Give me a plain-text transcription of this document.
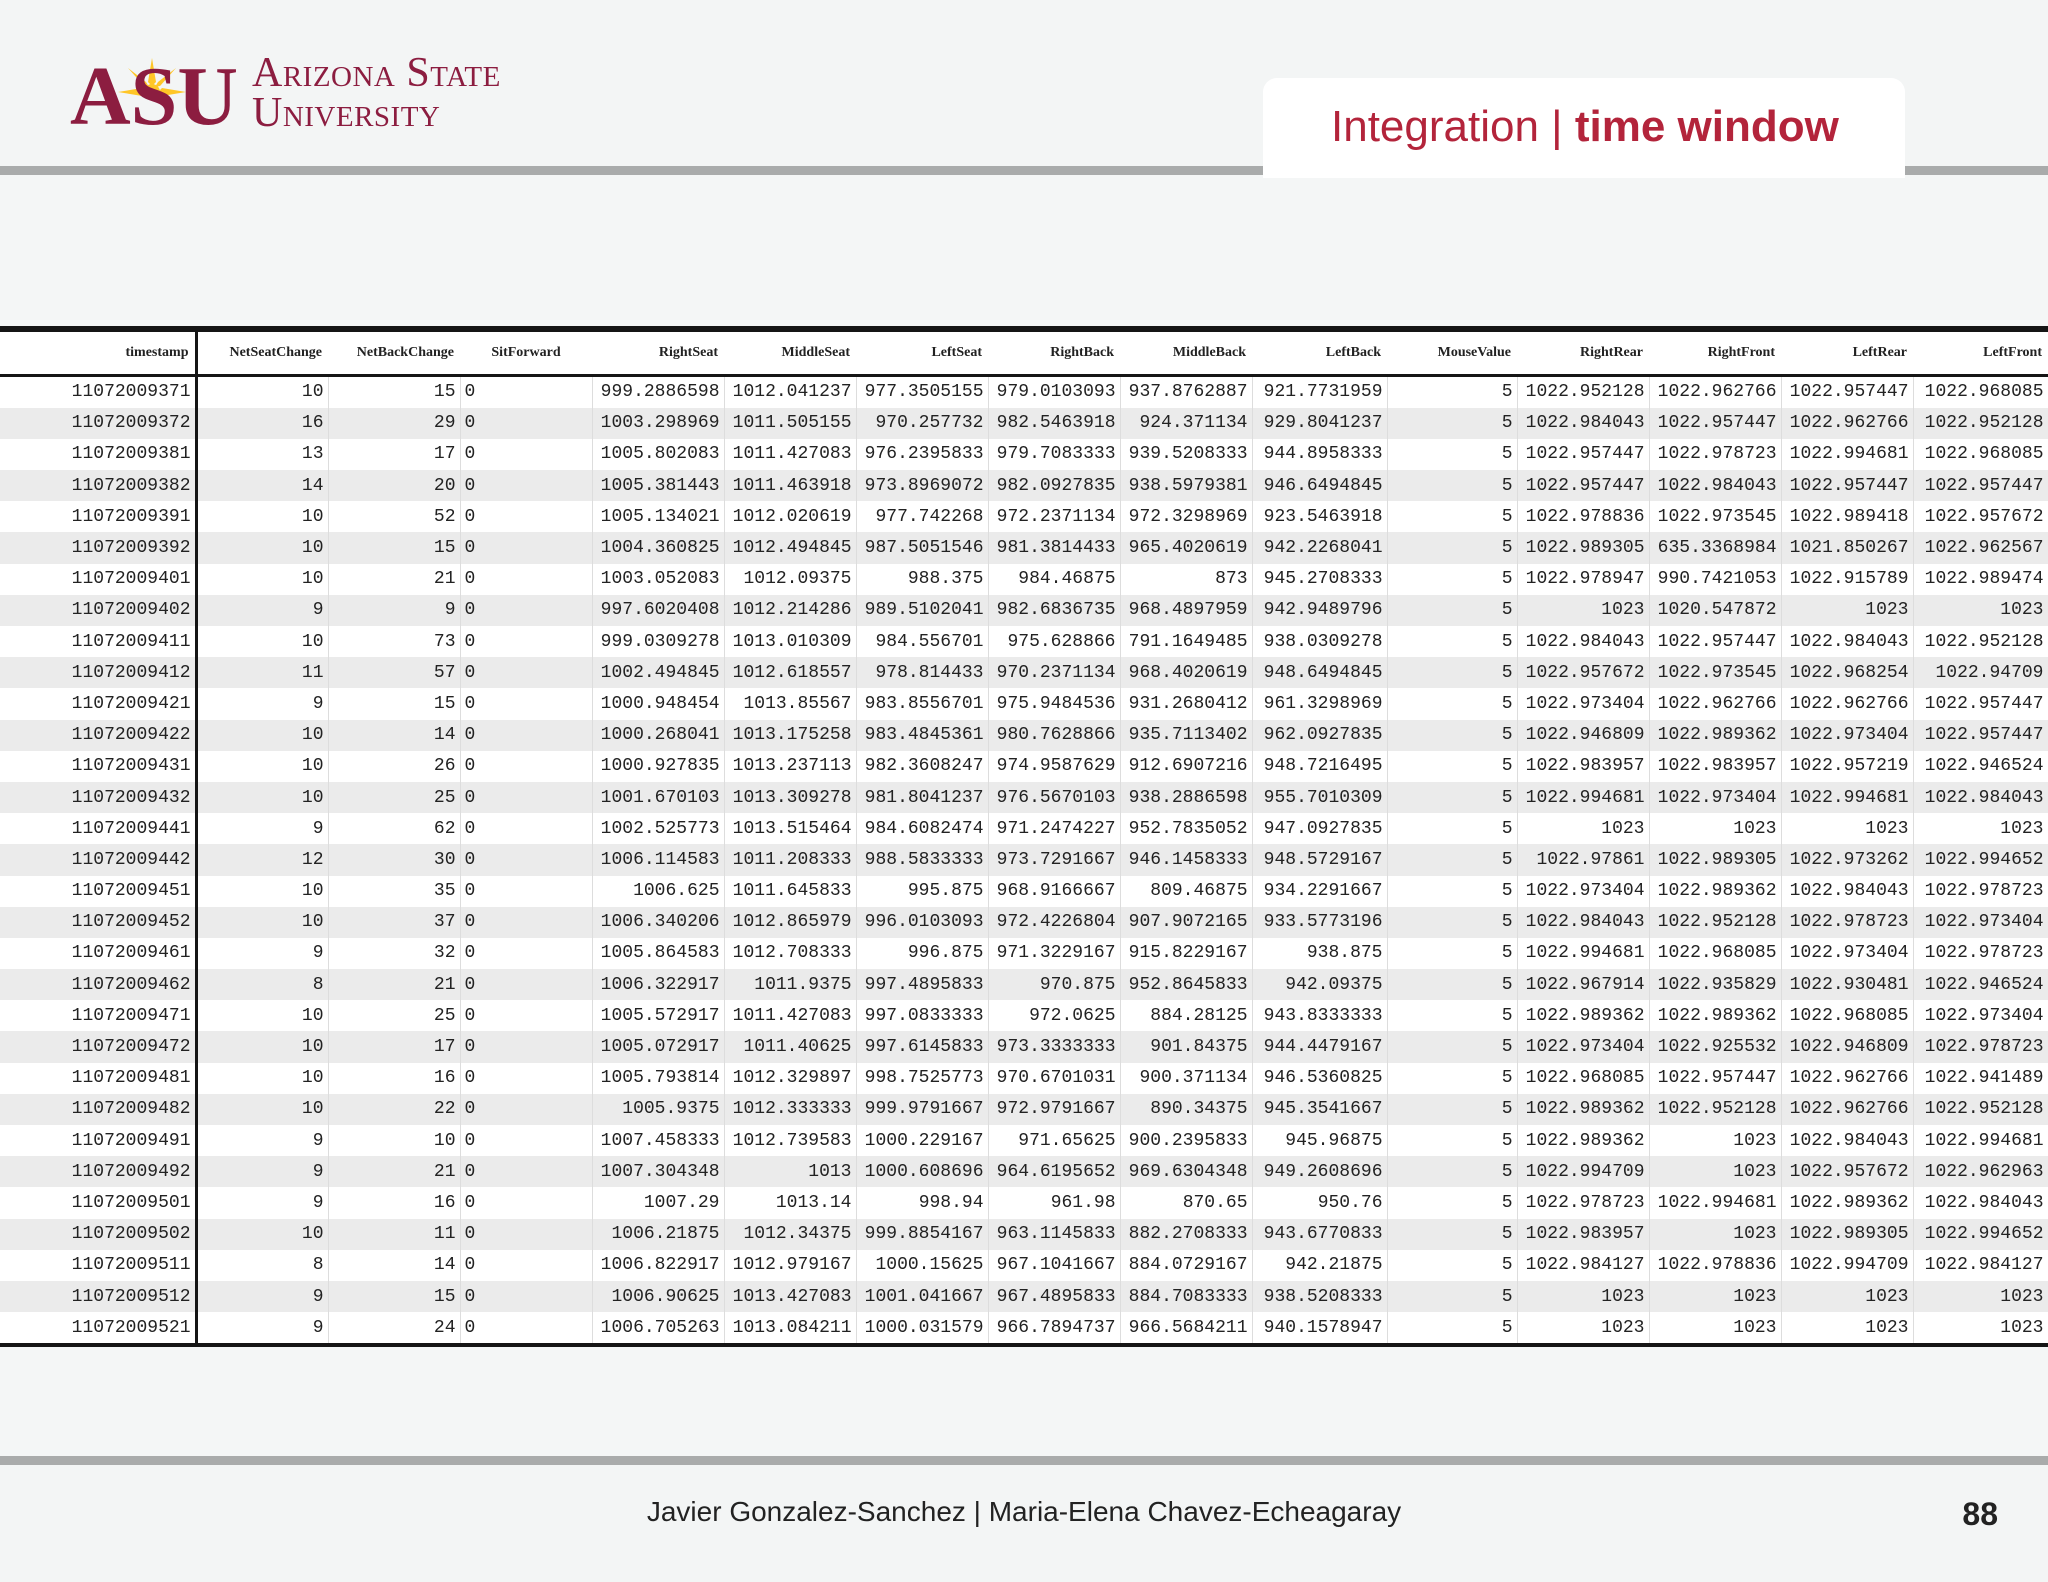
ASU Arizona State
University	Integration | time window
timestamp	NetSeatChange	NetBackChange	SitForward	RightSeat	MiddleSeat	LeftSeat	RightBack	MiddleBack	LeftBack	MouseValue	RightRear	RightFront	LeftRear	LeftFront
11072009371	10	15	0	999.2886598	1012.041237	977.3505155	979.0103093	937.8762887	921.7731959	5	1022.952128	1022.962766	1022.957447	1022.968085
11072009372	16	29	0	1003.298969	1011.505155	970.257732	982.5463918	924.371134	929.8041237	5	1022.984043	1022.957447	1022.962766	1022.952128
11072009381	13	17	0	1005.802083	1011.427083	976.2395833	979.7083333	939.5208333	944.8958333	5	1022.957447	1022.978723	1022.994681	1022.968085
11072009382	14	20	0	1005.381443	1011.463918	973.8969072	982.0927835	938.5979381	946.6494845	5	1022.957447	1022.984043	1022.957447	1022.957447
11072009391	10	52	0	1005.134021	1012.020619	977.742268	972.2371134	972.3298969	923.5463918	5	1022.978836	1022.973545	1022.989418	1022.957672
11072009392	10	15	0	1004.360825	1012.494845	987.5051546	981.3814433	965.4020619	942.2268041	5	1022.989305	635.3368984	1021.850267	1022.962567
11072009401	10	21	0	1003.052083	1012.09375	988.375	984.46875	873	945.2708333	5	1022.978947	990.7421053	1022.915789	1022.989474
11072009402	9	9	0	997.6020408	1012.214286	989.5102041	982.6836735	968.4897959	942.9489796	5	1023	1020.547872	1023	1023
11072009411	10	73	0	999.0309278	1013.010309	984.556701	975.628866	791.1649485	938.0309278	5	1022.984043	1022.957447	1022.984043	1022.952128
11072009412	11	57	0	1002.494845	1012.618557	978.814433	970.2371134	968.4020619	948.6494845	5	1022.957672	1022.973545	1022.968254	1022.94709
11072009421	9	15	0	1000.948454	1013.85567	983.8556701	975.9484536	931.2680412	961.3298969	5	1022.973404	1022.962766	1022.962766	1022.957447
11072009422	10	14	0	1000.268041	1013.175258	983.4845361	980.7628866	935.7113402	962.0927835	5	1022.946809	1022.989362	1022.973404	1022.957447
11072009431	10	26	0	1000.927835	1013.237113	982.3608247	974.9587629	912.6907216	948.7216495	5	1022.983957	1022.983957	1022.957219	1022.946524
11072009432	10	25	0	1001.670103	1013.309278	981.8041237	976.5670103	938.2886598	955.7010309	5	1022.994681	1022.973404	1022.994681	1022.984043
11072009441	9	62	0	1002.525773	1013.515464	984.6082474	971.2474227	952.7835052	947.0927835	5	1023	1023	1023	1023
11072009442	12	30	0	1006.114583	1011.208333	988.5833333	973.7291667	946.1458333	948.5729167	5	1022.97861	1022.989305	1022.973262	1022.994652
11072009451	10	35	0	1006.625	1011.645833	995.875	968.9166667	809.46875	934.2291667	5	1022.973404	1022.989362	1022.984043	1022.978723
11072009452	10	37	0	1006.340206	1012.865979	996.0103093	972.4226804	907.9072165	933.5773196	5	1022.984043	1022.952128	1022.978723	1022.973404
11072009461	9	32	0	1005.864583	1012.708333	996.875	971.3229167	915.8229167	938.875	5	1022.994681	1022.968085	1022.973404	1022.978723
11072009462	8	21	0	1006.322917	1011.9375	997.4895833	970.875	952.8645833	942.09375	5	1022.967914	1022.935829	1022.930481	1022.946524
11072009471	10	25	0	1005.572917	1011.427083	997.0833333	972.0625	884.28125	943.8333333	5	1022.989362	1022.989362	1022.968085	1022.973404
11072009472	10	17	0	1005.072917	1011.40625	997.6145833	973.3333333	901.84375	944.4479167	5	1022.973404	1022.925532	1022.946809	1022.978723
11072009481	10	16	0	1005.793814	1012.329897	998.7525773	970.6701031	900.371134	946.5360825	5	1022.968085	1022.957447	1022.962766	1022.941489
11072009482	10	22	0	1005.9375	1012.333333	999.9791667	972.9791667	890.34375	945.3541667	5	1022.989362	1022.952128	1022.962766	1022.952128
11072009491	9	10	0	1007.458333	1012.739583	1000.229167	971.65625	900.2395833	945.96875	5	1022.989362	1023	1022.984043	1022.994681
11072009492	9	21	0	1007.304348	1013	1000.608696	964.6195652	969.6304348	949.2608696	5	1022.994709	1023	1022.957672	1022.962963
11072009501	9	16	0	1007.29	1013.14	998.94	961.98	870.65	950.76	5	1022.978723	1022.994681	1022.989362	1022.984043
11072009502	10	11	0	1006.21875	1012.34375	999.8854167	963.1145833	882.2708333	943.6770833	5	1022.983957	1023	1022.989305	1022.994652
11072009511	8	14	0	1006.822917	1012.979167	1000.15625	967.1041667	884.0729167	942.21875	5	1022.984127	1022.978836	1022.994709	1022.984127
11072009512	9	15	0	1006.90625	1013.427083	1001.041667	967.4895833	884.7083333	938.5208333	5	1023	1023	1023	1023
11072009521	9	24	0	1006.705263	1013.084211	1000.031579	966.7894737	966.5684211	940.1578947	5	1023	1023	1023	1023
Javier Gonzalez-Sanchez | Maria-Elena Chavez-Echeagaray	88
